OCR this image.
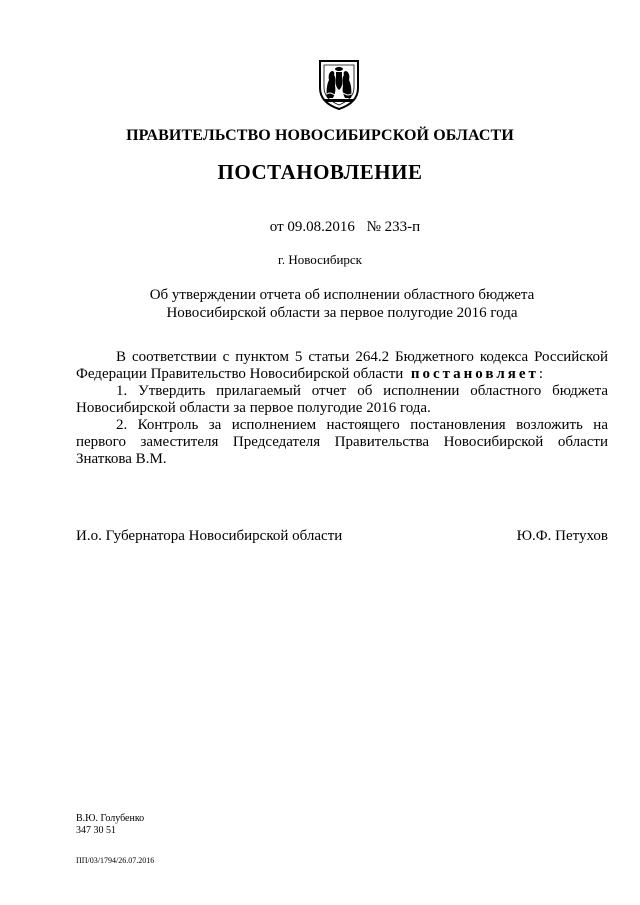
ПРАВИТЕЛЬСТВО НОВОСИБИРСКОЙ ОБЛАСТИ
ПОСТАНОВЛЕНИЕ
от 09.08.2016 № 233-п
г. Новосибирск
Об утверждении отчета об исполнении областного бюджета
Новосибирской области за первое полугодие 2016 года

В соответствии с пунктом 5 статьи 264.2 Бюджетного кодекса Российской Федерации Правительство Новосибирской области постановляет:

1. Утвердить прилагаемый отчет об исполнении областного бюджета Новосибирской области за первое полугодие 2016 года.

2. Контроль за исполнением настоящего постановления возложить на первого заместителя Председателя Правительства Новосибирской области Знаткова В.М.

И.о. Губернатора Новосибирской области	Ю.Ф. Петухов
В.Ю. Голубенко
347 30 51
ПП/03/1794/26.07.2016
